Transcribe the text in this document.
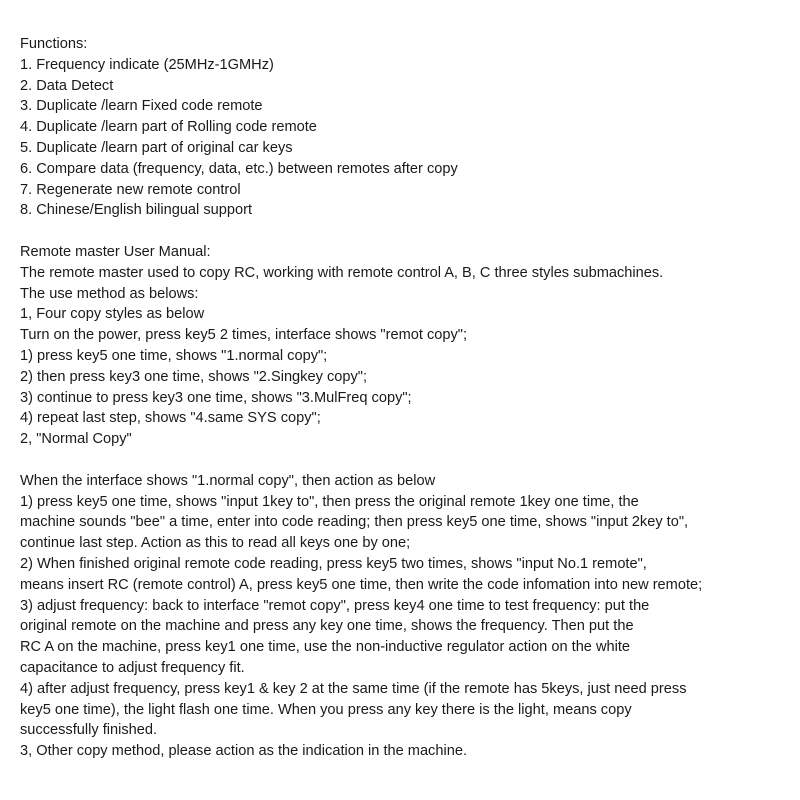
Functions:
1. Frequency indicate (25MHz-1GMHz)
2. Data Detect
3. Duplicate /learn Fixed code remote
4. Duplicate /learn part of Rolling code remote
5. Duplicate /learn part of original car keys
6. Compare data (frequency, data, etc.) between remotes after copy
7. Regenerate new remote control
8. Chinese/English bilingual support
Remote master User Manual:
The remote master used to copy RC, working with remote control A, B, C three styles submachines.
The use method as belows:
1, Four copy styles as below
Turn on the power, press key5 2 times, interface shows "remot copy";
1) press key5 one time, shows "1.normal copy";
2) then press key3 one time, shows "2.Singkey copy";
3) continue to press key3 one time, shows "3.MulFreq copy";
4) repeat last step, shows "4.same SYS copy";
2, "Normal Copy"
When the interface shows "1.normal copy", then action as below
1) press key5 one time, shows "input 1key to", then press the original remote 1key one time, the
machine sounds "bee" a time, enter into code reading; then press key5 one time, shows "input 2key to",
continue last step. Action as this to read all keys one by one;
2) When finished original remote code reading, press key5 two times, shows "input No.1 remote",
means insert RC (remote control) A, press key5 one time, then write the code infomation into new remote;
3) adjust frequency: back to interface "remot copy", press key4 one time to test frequency: put the
original remote on the machine and press any key one time, shows the frequency. Then put the
RC A on the machine, press key1 one time, use the non-inductive regulator action on the white
capacitance to adjust frequency fit.
4) after adjust frequency, press key1 & key 2 at the same time (if the remote has 5keys, just need press
key5 one time), the light flash one time. When you press any key there is the light, means copy
successfully finished.
3, Other copy method, please action as the indication in the machine.
